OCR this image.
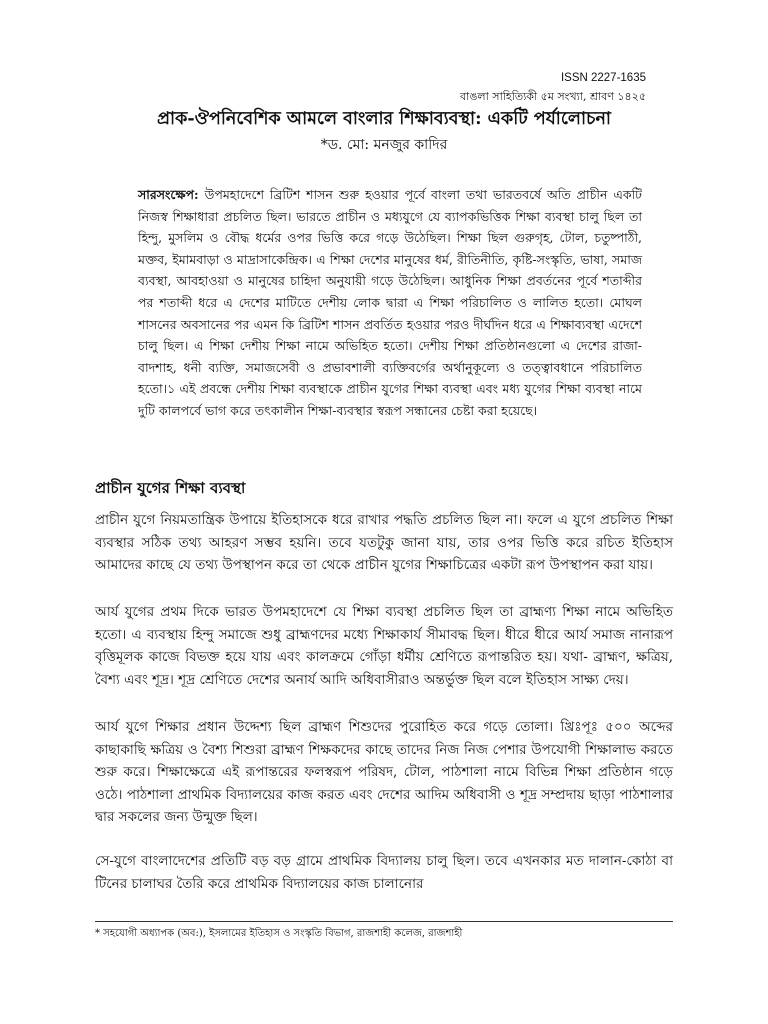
ISSN 2227-1635
বাঙলা সাহিত্যিকী ৫ম সংখ্যা, শ্রাবণ ১৪২৫
প্রাক-ঔপনিবেশিক আমলে বাংলার শিক্ষাব্যবস্থা: একটি পর্যালোচনা
*ড. মো: মনজুর কাদির

সারসংক্ষেপ: উপমহাদেশে ব্রিটিশ শাসন শুরু হওয়ার পূর্বে বাংলা তথা ভারতবর্ষে অতি প্রাচীন একটি নিজস্ব শিক্ষাধারা প্রচলিত ছিল। ভারতে প্রাচীন ও মধ্যযুগে যে ব্যাপকভিত্তিক শিক্ষা ব্যবস্থা চালু ছিল তা হিন্দু, মুসলিম ও বৌদ্ধ ধর্মের ওপর ভিত্তি করে গড়ে উঠেছিল। শিক্ষা ছিল গুরুগৃহ, টোল, চতুষ্পাঠী, মক্তব, ইমামবাড়া ও মাদ্রাসাকেন্দ্রিক। এ শিক্ষা দেশের মানুষের ধর্ম, রীতিনীতি, কৃষ্টি-সংস্কৃতি, ভাষা, সমাজ ব্যবস্থা, আবহাওয়া ও মানুষের চাহিদা অনুযায়ী গড়ে উঠেছিল। আধুনিক শিক্ষা প্রবর্তনের পূর্বে শতাব্দীর পর শতাব্দী ধরে এ দেশের মাটিতে দেশীয় লোক দ্বারা এ শিক্ষা পরিচালিত ও লালিত হতো। মোঘল শাসনের অবসানের পর এমন কি ব্রিটিশ শাসন প্রবর্তিত হওয়ার পরও দীর্ঘদিন ধরে এ শিক্ষাব্যবস্থা এদেশে চালু ছিল। এ শিক্ষা দেশীয় শিক্ষা নামে অভিহিত হতো। দেশীয় শিক্ষা প্রতিষ্ঠানগুলো এ দেশের রাজা-বাদশাহ, ধনী ব্যক্তি, সমাজসেবী ও প্রভাবশালী ব্যক্তিবর্গের অর্থানুকূল্যে ও তত্ত্বাবধানে পরিচালিত হতো।১ এই প্রবন্ধে দেশীয় শিক্ষা ব্যবস্থাকে প্রাচীন যুগের শিক্ষা ব্যবস্থা এবং মধ্য যুগের শিক্ষা ব্যবস্থা নামে দুটি কালপর্বে ভাগ করে তৎকালীন শিক্ষা-ব্যবস্থার স্বরূপ সন্ধানের চেষ্টা করা হয়েছে।

প্রাচীন যুগের শিক্ষা ব্যবস্থা

প্রাচীন যুগে নিয়মতান্ত্রিক উপায়ে ইতিহাসকে ধরে রাখার পদ্ধতি প্রচলিত ছিল না। ফলে এ যুগে প্রচলিত শিক্ষা ব্যবস্থার সঠিক তথ্য আহরণ সম্ভব হয়নি। তবে যতটুকু জানা যায়, তার ওপর ভিত্তি করে রচিত ইতিহাস আমাদের কাছে যে তথ্য উপস্থাপন করে তা থেকে প্রাচীন যুগের শিক্ষাচিত্রের একটা রূপ উপস্থাপন করা যায়।

আর্য যুগের প্রথম দিকে ভারত উপমহাদেশে যে শিক্ষা ব্যবস্থা প্রচলিত ছিল তা ব্রাহ্মণ্য শিক্ষা নামে অভিহিত হতো। এ ব্যবস্থায় হিন্দু সমাজে শুধু ব্রাহ্মণদের মধ্যে শিক্ষাকার্য সীমাবদ্ধ ছিল। ধীরে ধীরে আর্য সমাজ নানারূপ বৃত্তিমূলক কাজে বিভক্ত হয়ে যায় এবং কালক্রমে গোঁড়া ধর্মীয় শ্রেণিতে রূপান্তরিত হয়। যথা- ব্রাহ্মণ, ক্ষত্রিয়, বৈশ্য এবং শূদ্র। শূদ্র শ্রেণিতে দেশের অনার্য আদি অধিবাসীরাও অন্তর্ভুক্ত ছিল বলে ইতিহাস সাক্ষ্য দেয়।

আর্য যুগে শিক্ষার প্রধান উদ্দেশ্য ছিল ব্রাহ্মণ শিশুদের পুরোহিত করে গড়ে তোলা। খ্রিঃপূঃ ৫০০ অব্দের কাছাকাছি ক্ষত্রিয় ও বৈশ্য শিশুরা ব্রাহ্মণ শিক্ষকদের কাছে তাদের নিজ নিজ পেশার উপযোগী শিক্ষালাভ করতে শুরু করে। শিক্ষাক্ষেত্রে এই রূপান্তরের ফলস্বরূপ পরিষদ, টোল, পাঠশালা নামে বিভিন্ন শিক্ষা প্রতিষ্ঠান গড়ে ওঠে। পাঠশালা প্রাথমিক বিদ্যালয়ের কাজ করত এবং দেশের আদিম অধিবাসী ও শূদ্র সম্প্রদায় ছাড়া পাঠশালার দ্বার সকলের জন্য উন্মুক্ত ছিল।

সে-যুগে বাংলাদেশের প্রতিটি বড় বড় গ্রামে প্রাথমিক বিদ্যালয় চালু ছিল। তবে এখনকার মত দালান-কোঠা বা টিনের চালাঘর তৈরি করে প্রাথমিক বিদ্যালয়ের কাজ চালানোর

* সহযোগী অধ্যাপক (অব:), ইসলামের ইতিহাস ও সংস্কৃতি বিভাগ, রাজশাহী কলেজ, রাজশাহী
